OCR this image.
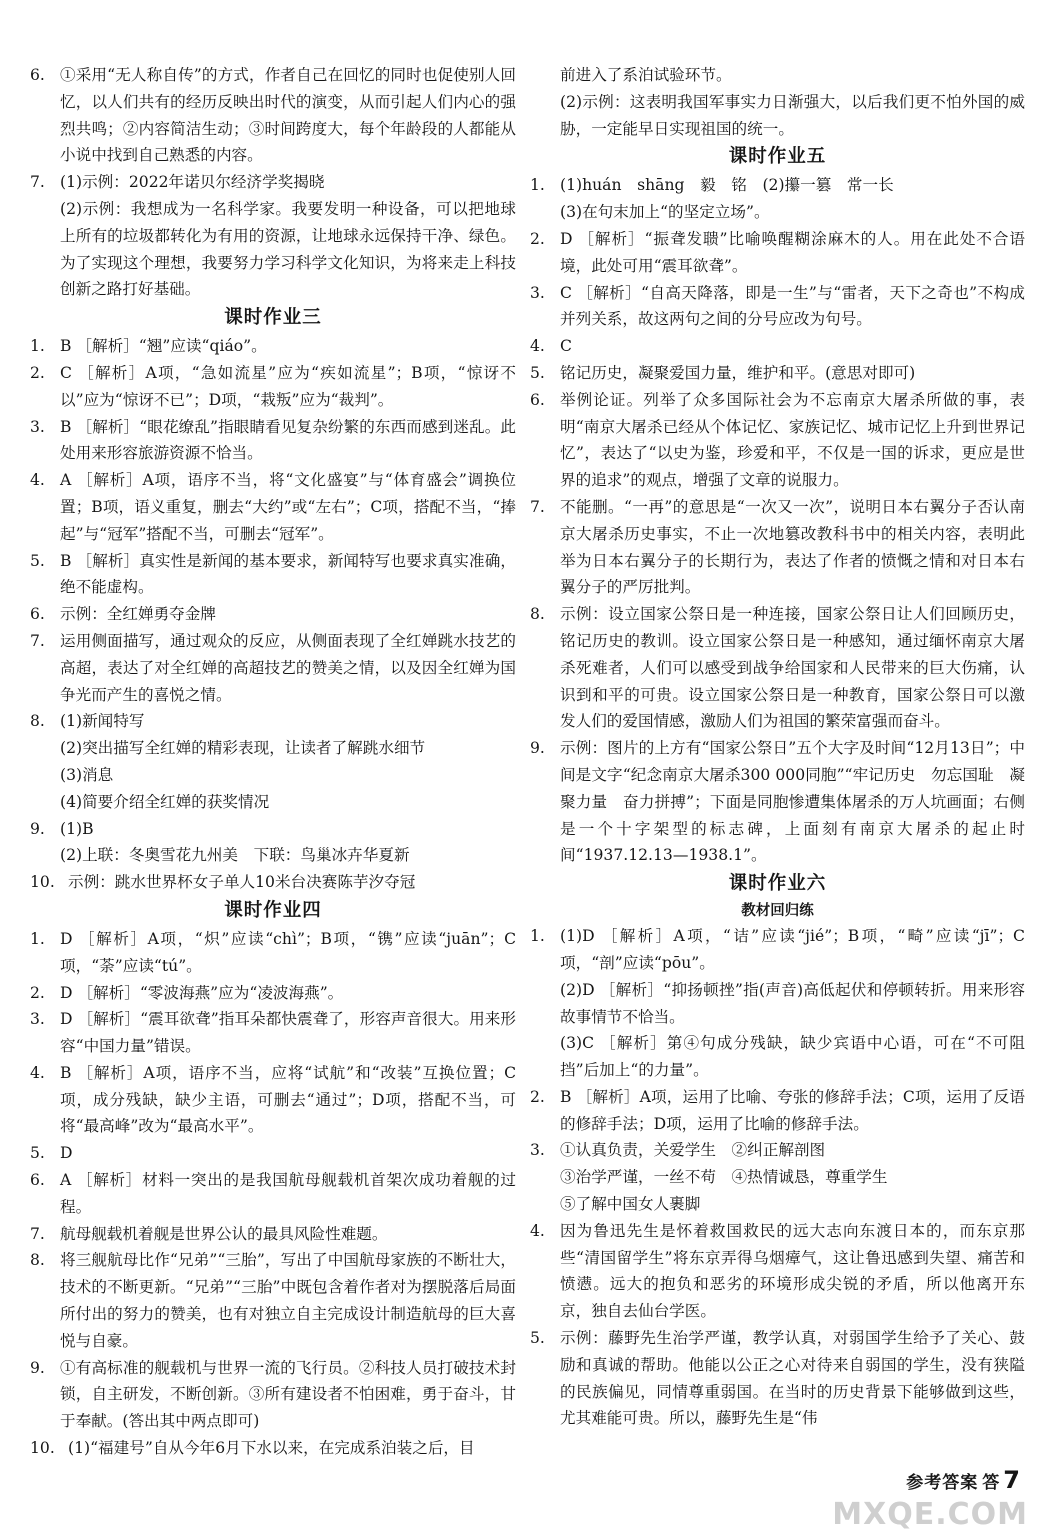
6. ①采用“无人称自传”的方式，作者自己在回忆的同时也促使别人回忆，以人们共有的经历反映出时代的演变，从而引起人们内心的强烈共鸣；②内容简洁生动；③时间跨度大，每个年龄段的人都能从小说中找到自己熟悉的内容。
7. (1)示例：2022年诺贝尔经济学奖揭晓
(2)示例：我想成为一名科学家。我要发明一种设备，可以把地球上所有的垃圾都转化为有用的资源，让地球永远保持干净、绿色。为了实现这个理想，我要努力学习科学文化知识，为将来走上科技创新之路打好基础。
课时作业三
1. B ［解析］“翘”应读“qiáo”。
2. C ［解析］A项，“急如流星”应为“疾如流星”；B项，“惊讶不以”应为“惊讶不已”；D项，“栽叛”应为“裁判”。
3. B ［解析］“眼花缭乱”指眼睛看见复杂纷繁的东西而感到迷乱。此处用来形容旅游资源不恰当。
4. A ［解析］A项，语序不当，将“文化盛宴”与“体育盛会”调换位置；B项，语义重复，删去“大约”或“左右”；C项，搭配不当，“捧起”与“冠军”搭配不当，可删去“冠军”。
5. B ［解析］真实性是新闻的基本要求，新闻特写也要求真实准确，绝不能虚构。
6. 示例：全红婵勇夺金牌
7. 运用侧面描写，通过观众的反应，从侧面表现了全红婵跳水技艺的高超，表达了对全红婵的高超技艺的赞美之情，以及因全红婵为国争光而产生的喜悦之情。
8. (1)新闻特写
(2)突出描写全红婵的精彩表现，让读者了解跳水细节
(3)消息
(4)简要介绍全红婵的获奖情况
9. (1)B
(2)上联：冬奥雪花九州美　下联：鸟巢冰卉华夏新
10. 示例：跳水世界杯女子单人10米台决赛陈芋汐夺冠
课时作业四
1. D ［解析］A项，“炽”应读“chì”；B项，“镌”应读“juān”；C项，“荼”应读“tú”。
2. D ［解析］“零波海燕”应为“凌波海燕”。
3. D ［解析］“震耳欲聋”指耳朵都快震聋了，形容声音很大。用来形容“中国力量”错误。
4. B ［解析］A项，语序不当，应将“试航”和“改装”互换位置；C项，成分残缺，缺少主语，可删去“通过”；D项，搭配不当，可将“最高峰”改为“最高水平”。
5. D
6. A ［解析］材料一突出的是我国航母舰载机首架次成功着舰的过程。
7. 航母舰载机着舰是世界公认的最具风险性难题。
8. 将三舰航母比作“兄弟”“三胎”，写出了中国航母家族的不断壮大，技术的不断更新。“兄弟”“三胎”中既包含着作者对为摆脱落后局面所付出的努力的赞美，也有对独立自主完成设计制造航母的巨大喜悦与自豪。
9. ①有高标准的舰载机与世界一流的飞行员。②科技人员打破技术封锁，自主研发，不断创新。③所有建设者不怕困难，勇于奋斗，甘于奉献。(答出其中两点即可)
10. (1)“福建号”自从今年6月下水以来，在完成系泊装之后，目
前进入了系泊试验环节。
(2)示例：这表明我国军事实力日渐强大，以后我们更不怕外国的威胁，一定能早日实现祖国的统一。
课时作业五
1. (1)huán　shāng　毅　铭　(2)攥一篡　常一长
(3)在句末加上“的坚定立场”。
2. D ［解析］“振聋发聩”比喻唤醒糊涂麻木的人。用在此处不合语境，此处可用“震耳欲聋”。
3. C ［解析］“自高天降落，即是一生”与“雷者，天下之奇也”不构成并列关系，故这两句之间的分号应改为句号。
4. C
5. 铭记历史，凝聚爱国力量，维护和平。(意思对即可)
6. 举例论证。列举了众多国际社会为不忘南京大屠杀所做的事，表明“南京大屠杀已经从个体记忆、家族记忆、城市记忆上升到世界记忆”，表达了“以史为鉴，珍爱和平，不仅是一国的诉求，更应是世界的追求”的观点，增强了文章的说服力。
7. 不能删。“一再”的意思是“一次又一次”，说明日本右翼分子否认南京大屠杀历史事实，不止一次地篡改教科书中的相关内容，表明此举为日本右翼分子的长期行为，表达了作者的愤慨之情和对日本右翼分子的严厉批判。
8. 示例：设立国家公祭日是一种连接，国家公祭日让人们回顾历史，铭记历史的教训。设立国家公祭日是一种感知，通过缅怀南京大屠杀死难者，人们可以感受到战争给国家和人民带来的巨大伤痛，认识到和平的可贵。设立国家公祭日是一种教育，国家公祭日可以激发人们的爱国情感，激励人们为祖国的繁荣富强而奋斗。
9. 示例：图片的上方有“国家公祭日”五个大字及时间“12月13日”；中间是文字“纪念南京大屠杀300 000同胞”“牢记历史　勿忘国耻　凝聚力量　奋力拼搏”；下面是同胞惨遭集体屠杀的万人坑画面；右侧是一个十字架型的标志碑，上面刻有南京大屠杀的起止时间“1937.12.13—1938.1”。
课时作业六
教材回归练
1. (1)D ［解析］A项，“诘”应读“jié”；B项，“畸”应读“jī”；C项，“剖”应读“pōu”。
(2)D ［解析］“抑扬顿挫”指(声音)高低起伏和停顿转折。用来形容故事情节不恰当。
(3)C ［解析］第④句成分残缺，缺少宾语中心语，可在“不可阻挡”后加上“的力量”。
2. B ［解析］A项，运用了比喻、夸张的修辞手法；C项，运用了反语的修辞手法；D项，运用了比喻的修辞手法。
3. ①认真负责，关爱学生　②纠正解剖图
③治学严谨，一丝不苟　④热情诚恳，尊重学生
⑤了解中国女人裹脚
4. 因为鲁迅先生是怀着救国救民的远大志向东渡日本的，而东京那些“清国留学生”将东京弄得乌烟瘴气，这让鲁迅感到失望、痛苦和愤懑。远大的抱负和恶劣的环境形成尖锐的矛盾，所以他离开东京，独自去仙台学医。
5. 示例：藤野先生治学严谨，教学认真，对弱国学生给予了关心、鼓励和真诚的帮助。他能以公正之心对待来自弱国的学生，没有狭隘的民族偏见，同情尊重弱国。在当时的历史背景下能够做到这些，尤其难能可贵。所以，藤野先生是“伟
参考答案 答 7
MXQE.COM
